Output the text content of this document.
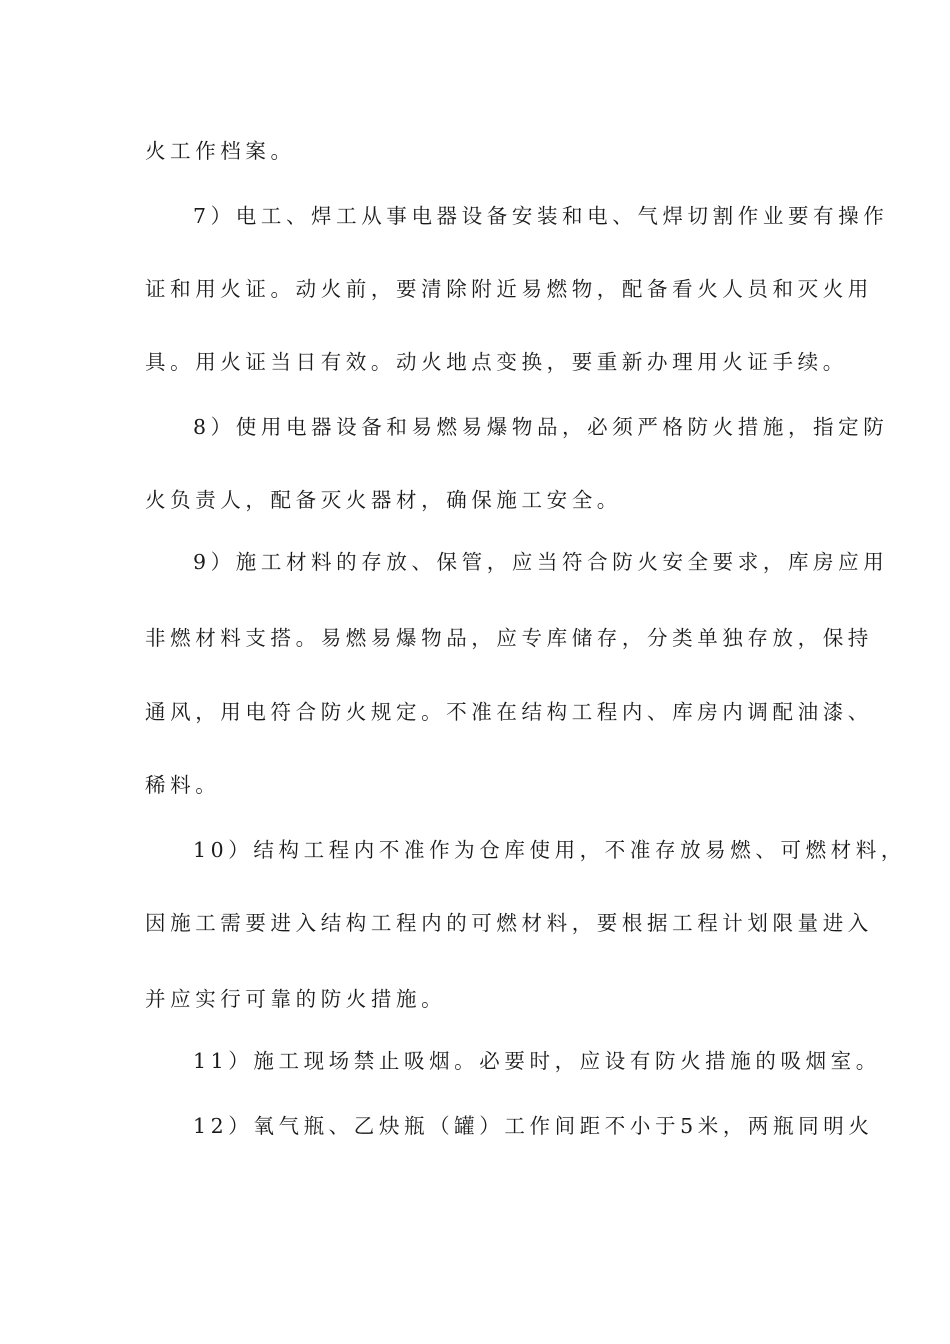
火工作档案。
7）电工、焊工从事电器设备安装和电、气焊切割作业要有操作
证和用火证。动火前，要清除附近易燃物，配备看火人员和灭火用
具。用火证当日有效。动火地点变换，要重新办理用火证手续。
8）使用电器设备和易燃易爆物品，必须严格防火措施，指定防
火负责人，配备灭火器材，确保施工安全。
9）施工材料的存放、保管，应当符合防火安全要求，库房应用
非燃材料支搭。易燃易爆物品，应专库储存，分类单独存放，保持
通风，用电符合防火规定。不准在结构工程内、库房内调配油漆、
稀料。
10）结构工程内不准作为仓库使用，不准存放易燃、可燃材料，
因施工需要进入结构工程内的可燃材料，要根据工程计划限量进入
并应实行可靠的防火措施。
11）施工现场禁止吸烟。必要时，应设有防火措施的吸烟室。
12）氧气瓶、乙炔瓶（罐）工作间距不小于5米，两瓶同明火
